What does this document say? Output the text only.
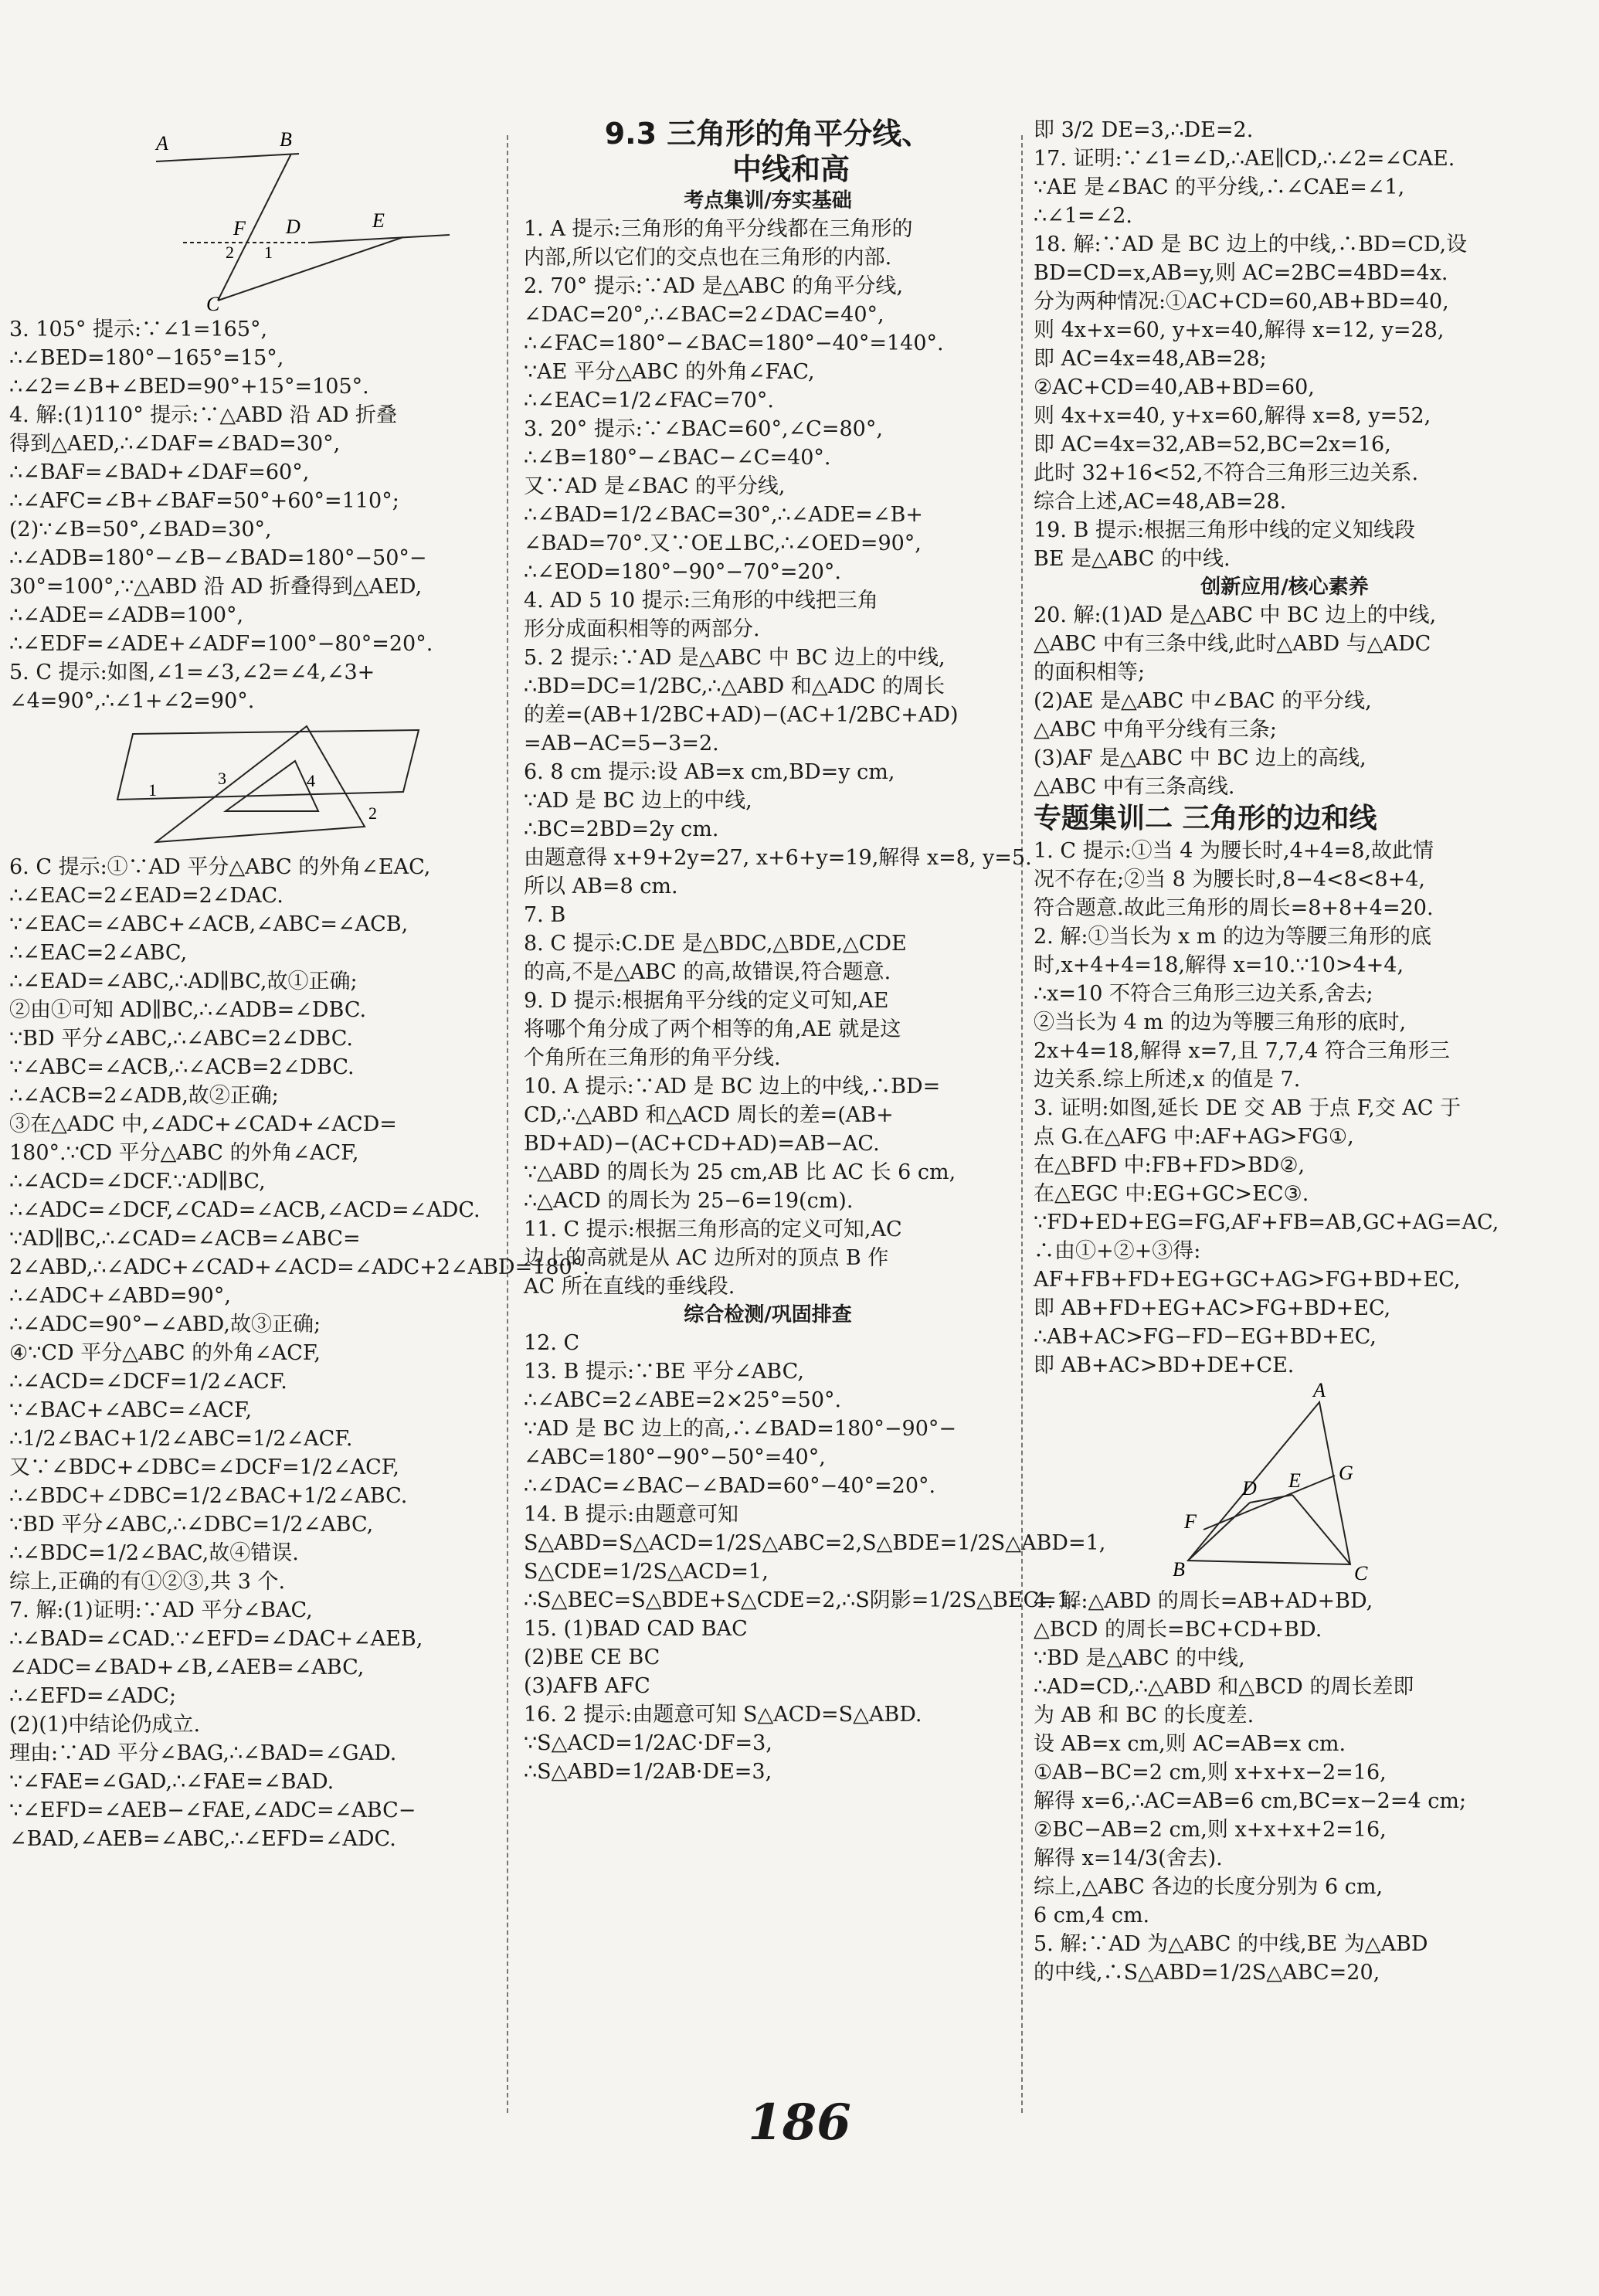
A	B
F D	E
2 1
C
3. 105° 提示:∵∠1=165°,
∴∠BED=180°−165°=15°,
∴∠2=∠B+∠BED=90°+15°=105°.
4. 解:(1)110° 提示:∵△ABD 沿 AD 折叠
得到△AED,∴∠DAF=∠BAD=30°,
∴∠BAF=∠BAD+∠DAF=60°,
∴∠AFC=∠B+∠BAF=50°+60°=110°;
(2)∵∠B=50°,∠BAD=30°,
∴∠ADB=180°−∠B−∠BAD=180°−50°−
30°=100°,∵△ABD 沿 AD 折叠得到△AED,
∴∠ADE=∠ADB=100°,
∴∠EDF=∠ADE+∠ADF=100°−80°=20°.
5. C 提示:如图,∠1=∠3,∠2=∠4,∠3+
∠4=90°,∴∠1+∠2=90°.
1
3	4
2
6. C 提示:①∵AD 平分△ABC 的外角∠EAC,
∴∠EAC=2∠EAD=2∠DAC.
∵∠EAC=∠ABC+∠ACB,∠ABC=∠ACB,
∴∠EAC=2∠ABC,
∴∠EAD=∠ABC,∴AD∥BC,故①正确;
②由①可知 AD∥BC,∴∠ADB=∠DBC.
∵BD 平分∠ABC,∴∠ABC=2∠DBC.
∵∠ABC=∠ACB,∴∠ACB=2∠DBC.
∴∠ACB=2∠ADB,故②正确;
③在△ADC 中,∠ADC+∠CAD+∠ACD=
180°.∵CD 平分△ABC 的外角∠ACF,
∴∠ACD=∠DCF.∵AD∥BC,
∴∠ADC=∠DCF,∠CAD=∠ACB,∠ACD=∠ADC.
∵AD∥BC,∴∠CAD=∠ACB=∠ABC=
2∠ABD,∴∠ADC+∠CAD+∠ACD=∠ADC+2∠ABD=180°.
∴∠ADC+∠ABD=90°,
∴∠ADC=90°−∠ABD,故③正确;
④∵CD 平分△ABC 的外角∠ACF,
∴∠ACD=∠DCF=1/2∠ACF.
∵∠BAC+∠ABC=∠ACF,
∴1/2∠BAC+1/2∠ABC=1/2∠ACF.
又∵∠BDC+∠DBC=∠DCF=1/2∠ACF,
∴∠BDC+∠DBC=1/2∠BAC+1/2∠ABC.
∵BD 平分∠ABC,∴∠DBC=1/2∠ABC,
∴∠BDC=1/2∠BAC,故④错误.
综上,正确的有①②③,共 3 个.
7. 解:(1)证明:∵AD 平分∠BAC,
∴∠BAD=∠CAD.∵∠EFD=∠DAC+∠AEB,
∠ADC=∠BAD+∠B,∠AEB=∠ABC,
∴∠EFD=∠ADC;
(2)(1)中结论仍成立.
理由:∵AD 平分∠BAG,∴∠BAD=∠GAD.
∵∠FAE=∠GAD,∴∠FAE=∠BAD.
∵∠EFD=∠AEB−∠FAE,∠ADC=∠ABC−
∠BAD,∠AEB=∠ABC,∴∠EFD=∠ADC.
9.3 三角形的角平分线、
中线和高
考点集训/夯实基础
1. A 提示:三角形的角平分线都在三角形的
内部,所以它们的交点也在三角形的内部.
2. 70° 提示:∵AD 是△ABC 的角平分线,
∠DAC=20°,∴∠BAC=2∠DAC=40°,
∴∠FAC=180°−∠BAC=180°−40°=140°.
∵AE 平分△ABC 的外角∠FAC,
∴∠EAC=1/2∠FAC=70°.
3. 20° 提示:∵∠BAC=60°,∠C=80°,
∴∠B=180°−∠BAC−∠C=40°.
又∵AD 是∠BAC 的平分线,
∴∠BAD=1/2∠BAC=30°,∴∠ADE=∠B+
∠BAD=70°.又∵OE⊥BC,∴∠OED=90°,
∴∠EOD=180°−90°−70°=20°.
4. AD 5 10 提示:三角形的中线把三角
形分成面积相等的两部分.
5. 2 提示:∵AD 是△ABC 中 BC 边上的中线,
∴BD=DC=1/2BC,∴△ABD 和△ADC 的周长
的差=(AB+1/2BC+AD)−(AC+1/2BC+AD)
=AB−AC=5−3=2.
6. 8 cm 提示:设 AB=x cm,BD=y cm,
∵AD 是 BC 边上的中线,
∴BC=2BD=2y cm.
由题意得 x+9+2y=27, x+6+y=19,解得 x=8, y=5.
所以 AB=8 cm.
7. B
8. C 提示:C.DE 是△BDC,△BDE,△CDE
的高,不是△ABC 的高,故错误,符合题意.
9. D 提示:根据角平分线的定义可知,AE
将哪个角分成了两个相等的角,AE 就是这
个角所在三角形的角平分线.
10. A 提示:∵AD 是 BC 边上的中线,∴BD=
CD,∴△ABD 和△ACD 周长的差=(AB+
BD+AD)−(AC+CD+AD)=AB−AC.
∵△ABD 的周长为 25 cm,AB 比 AC 长 6 cm,
∴△ACD 的周长为 25−6=19(cm).
11. C 提示:根据三角形高的定义可知,AC
边上的高就是从 AC 边所对的顶点 B 作
AC 所在直线的垂线段.
综合检测/巩固排查
12. C
13. B 提示:∵BE 平分∠ABC,
∴∠ABC=2∠ABE=2×25°=50°.
∵AD 是 BC 边上的高,∴∠BAD=180°−90°−
∠ABC=180°−90°−50°=40°,
∴∠DAC=∠BAC−∠BAD=60°−40°=20°.
14. B 提示:由题意可知
S△ABD=S△ACD=1/2S△ABC=2,S△BDE=1/2S△ABD=1,
S△CDE=1/2S△ACD=1,
∴S△BEC=S△BDE+S△CDE=2,∴S阴影=1/2S△BEC=1.
15. (1)BAD CAD BAC
(2)BE CE BC
(3)AFB AFC
16. 2 提示:由题意可知 S△ACD=S△ABD.
∵S△ACD=1/2AC·DF=3,
∴S△ABD=1/2AB·DE=3,
即 3/2 DE=3,∴DE=2.
17. 证明:∵∠1=∠D,∴AE∥CD,∴∠2=∠CAE.
∵AE 是∠BAC 的平分线,∴∠CAE=∠1,
∴∠1=∠2.
18. 解:∵AD 是 BC 边上的中线,∴BD=CD,设
BD=CD=x,AB=y,则 AC=2BC=4BD=4x.
分为两种情况:①AC+CD=60,AB+BD=40,
则 4x+x=60, y+x=40,解得 x=12, y=28,
即 AC=4x=48,AB=28;
②AC+CD=40,AB+BD=60,
则 4x+x=40, y+x=60,解得 x=8, y=52,
即 AC=4x=32,AB=52,BC=2x=16,
此时 32+16<52,不符合三角形三边关系.
综合上述,AC=48,AB=28.
19. B 提示:根据三角形中线的定义知线段
BE 是△ABC 的中线.
创新应用/核心素养
20. 解:(1)AD 是△ABC 中 BC 边上的中线,
△ABC 中有三条中线,此时△ABD 与△ADC
的面积相等;
(2)AE 是△ABC 中∠BAC 的平分线,
△ABC 中角平分线有三条;
(3)AF 是△ABC 中 BC 边上的高线,
△ABC 中有三条高线.
专题集训二 三角形的边和线
1. C 提示:①当 4 为腰长时,4+4=8,故此情
况不存在;②当 8 为腰长时,8−4<8<8+4,
符合题意.故此三角形的周长=8+8+4=20.
2. 解:①当长为 x m 的边为等腰三角形的底
时,x+4+4=18,解得 x=10.∵10>4+4,
∴x=10 不符合三角形三边关系,舍去;
②当长为 4 m 的边为等腰三角形的底时,
2x+4=18,解得 x=7,且 7,7,4 符合三角形三
边关系.综上所述,x 的值是 7.
3. 证明:如图,延长 DE 交 AB 于点 F,交 AC 于
点 G.在△AFG 中:AF+AG>FG①,
在△BFD 中:FB+FD>BD②,
在△EGC 中:EG+GC>EC③.
∵FD+ED+EG=FG,AF+FB=AB,GC+AG=AC,
∴由①+②+③得:
AF+FB+FD+EG+GC+AG>FG+BD+EC,
即 AB+FD+EG+AC>FG+BD+EC,
∴AB+AC>FG−FD−EG+BD+EC,
即 AB+AC>BD+DE+CE.
A
D E G
F
B	C
4. 解:△ABD 的周长=AB+AD+BD,
△BCD 的周长=BC+CD+BD.
∵BD 是△ABC 的中线,
∴AD=CD,∴△ABD 和△BCD 的周长差即
为 AB 和 BC 的长度差.
设 AB=x cm,则 AC=AB=x cm.
①AB−BC=2 cm,则 x+x+x−2=16,
解得 x=6,∴AC=AB=6 cm,BC=x−2=4 cm;
②BC−AB=2 cm,则 x+x+x+2=16,
解得 x=14/3(舍去).
综上,△ABC 各边的长度分别为 6 cm,
6 cm,4 cm.
5. 解:∵AD 为△ABC 的中线,BE 为△ABD
的中线,∴S△ABD=1/2S△ABC=20,
186
